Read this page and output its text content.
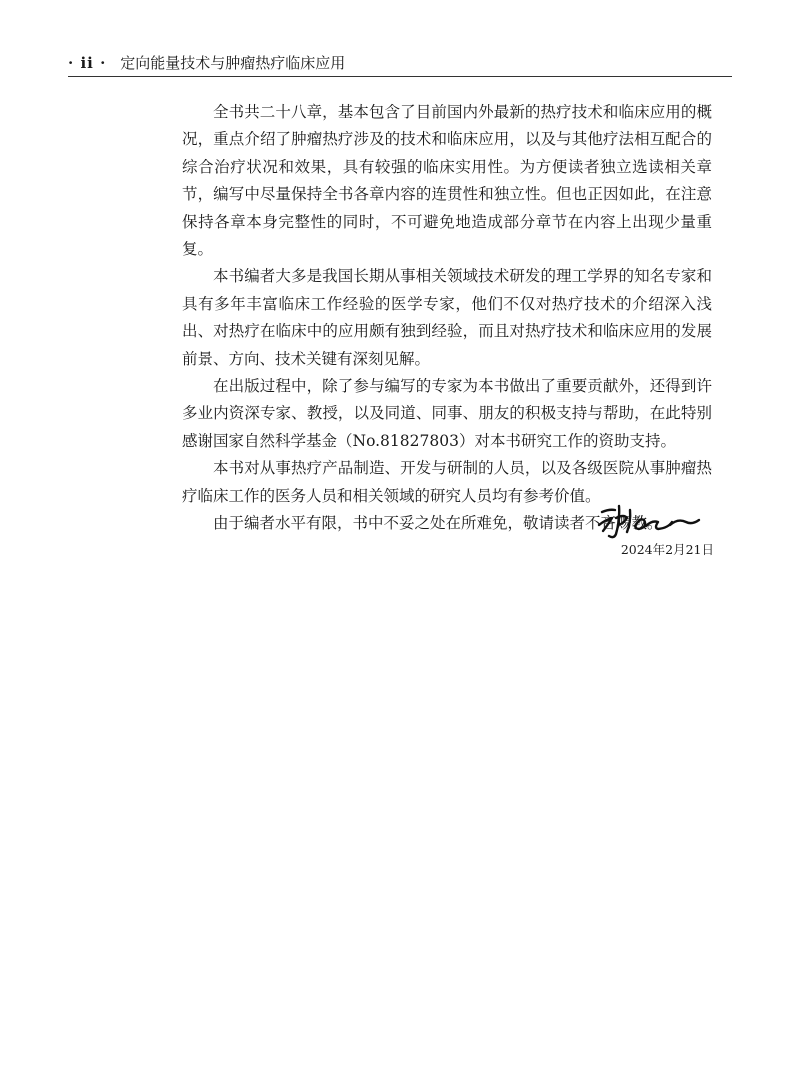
· ii · 定向能量技术与肿瘤热疗临床应用

全书共二十八章，基本包含了目前国内外最新的热疗技术和临床应用的概况，重点介绍了肿瘤热疗涉及的技术和临床应用，以及与其他疗法相互配合的综合治疗状况和效果，具有较强的临床实用性。为方便读者独立选读相关章节，编写中尽量保持全书各章内容的连贯性和独立性。但也正因如此，在注意保持各章本身完整性的同时，不可避免地造成部分章节在内容上出现少量重复。

本书编者大多是我国长期从事相关领域技术研发的理工学界的知名专家和具有多年丰富临床工作经验的医学专家，他们不仅对热疗技术的介绍深入浅出、对热疗在临床中的应用颇有独到经验，而且对热疗技术和临床应用的发展前景、方向、技术关键有深刻见解。

在出版过程中，除了参与编写的专家为本书做出了重要贡献外，还得到许多业内资深专家、教授，以及同道、同事、朋友的积极支持与帮助，在此特别感谢国家自然科学基金（No.81827803）对本书研究工作的资助支持。

本书对从事热疗产品制造、开发与研制的人员，以及各级医院从事肿瘤热疗临床工作的医务人员和相关领域的研究人员均有参考价值。

由于编者水平有限，书中不妥之处在所难免，敬请读者不吝赐教。

2024年2月21日
